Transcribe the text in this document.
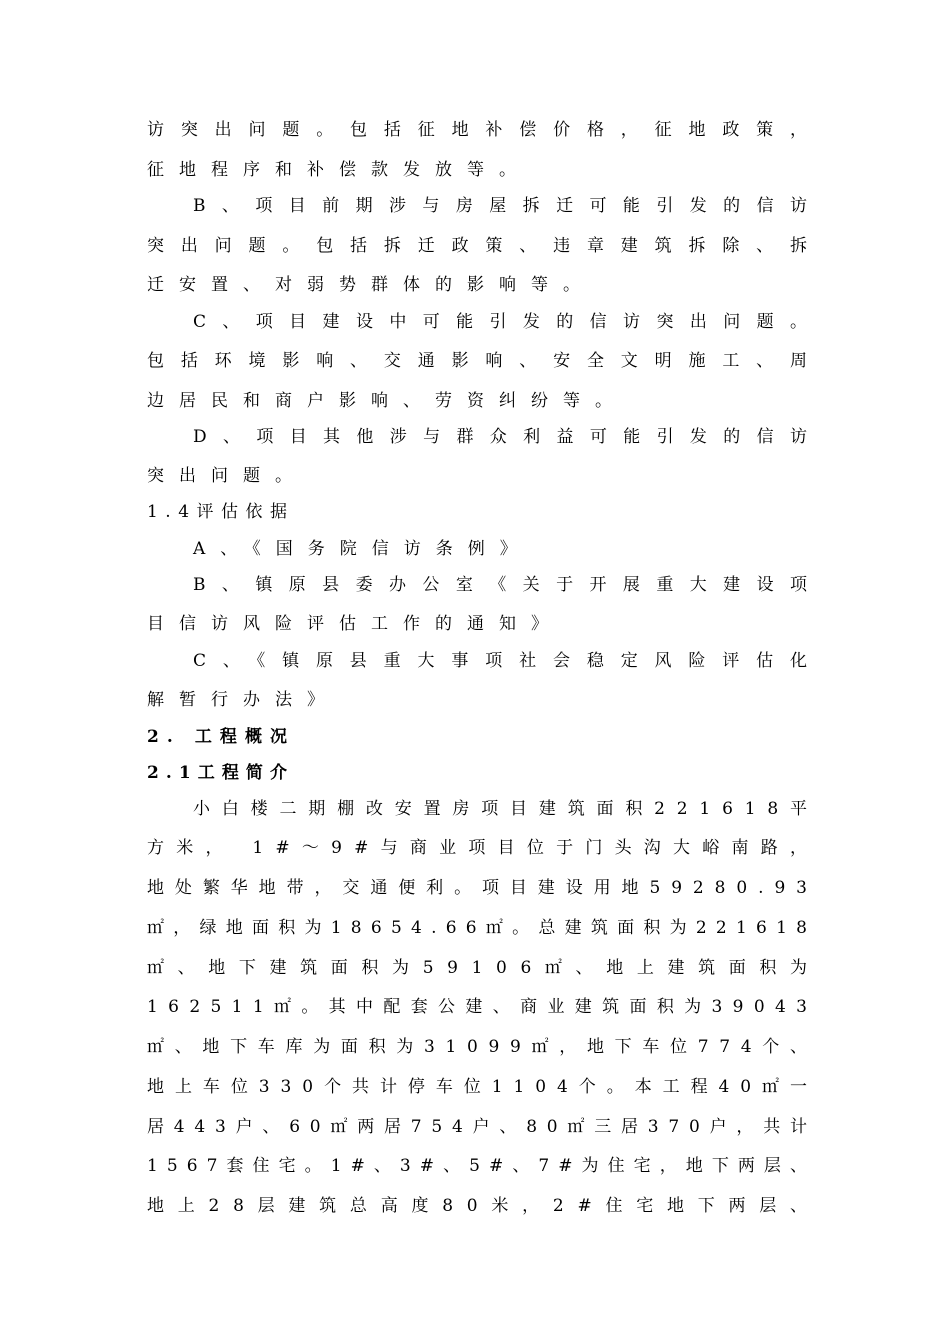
访突出问题。包括征地补偿价格，征地政策，
征地程序和补偿款发放等。
B、项目前期涉与房屋拆迁可能引发的信访
突出问题。包括拆迁政策、违章建筑拆除、拆
迁安置、对弱势群体的影响等。
C、项目建设中可能引发的信访突出问题。
包括环境影响、交通影响、安全文明施工、周
边居民和商户影响、劳资纠纷等。
D、项目其他涉与群众利益可能引发的信访
突出问题。
1.4评估依据
A、《国务院信访条例》
B、镇原县委办公室《关于开展重大建设项
目信访风险评估工作的通知》
C、《镇原县重大事项社会稳定风险评估化
解暂行办法》
2. 工程概况
2.1工程简介
小白楼二期棚改安置房项目建筑面积221618平
方米， 1#～9#与商业项目位于门头沟大峪南路，
地处繁华地带，交通便利。项目建设用地59280.93
㎡，绿地面积为18654.66㎡。总建筑面积为221618
㎡、地下建筑面积为59106㎡、地上建筑面积为
162511㎡。其中配套公建、商业建筑面积为39043
㎡、地下车库为面积为31099㎡，地下车位774个、
地上车位330个共计停车位1104个。本工程40㎡一
居443户、60㎡两居754户、80㎡三居370户，共计
1567套住宅。1#、3#、5#、7#为住宅，地下两层、
地上28层建筑总高度80米，2#住宅地下两层、
